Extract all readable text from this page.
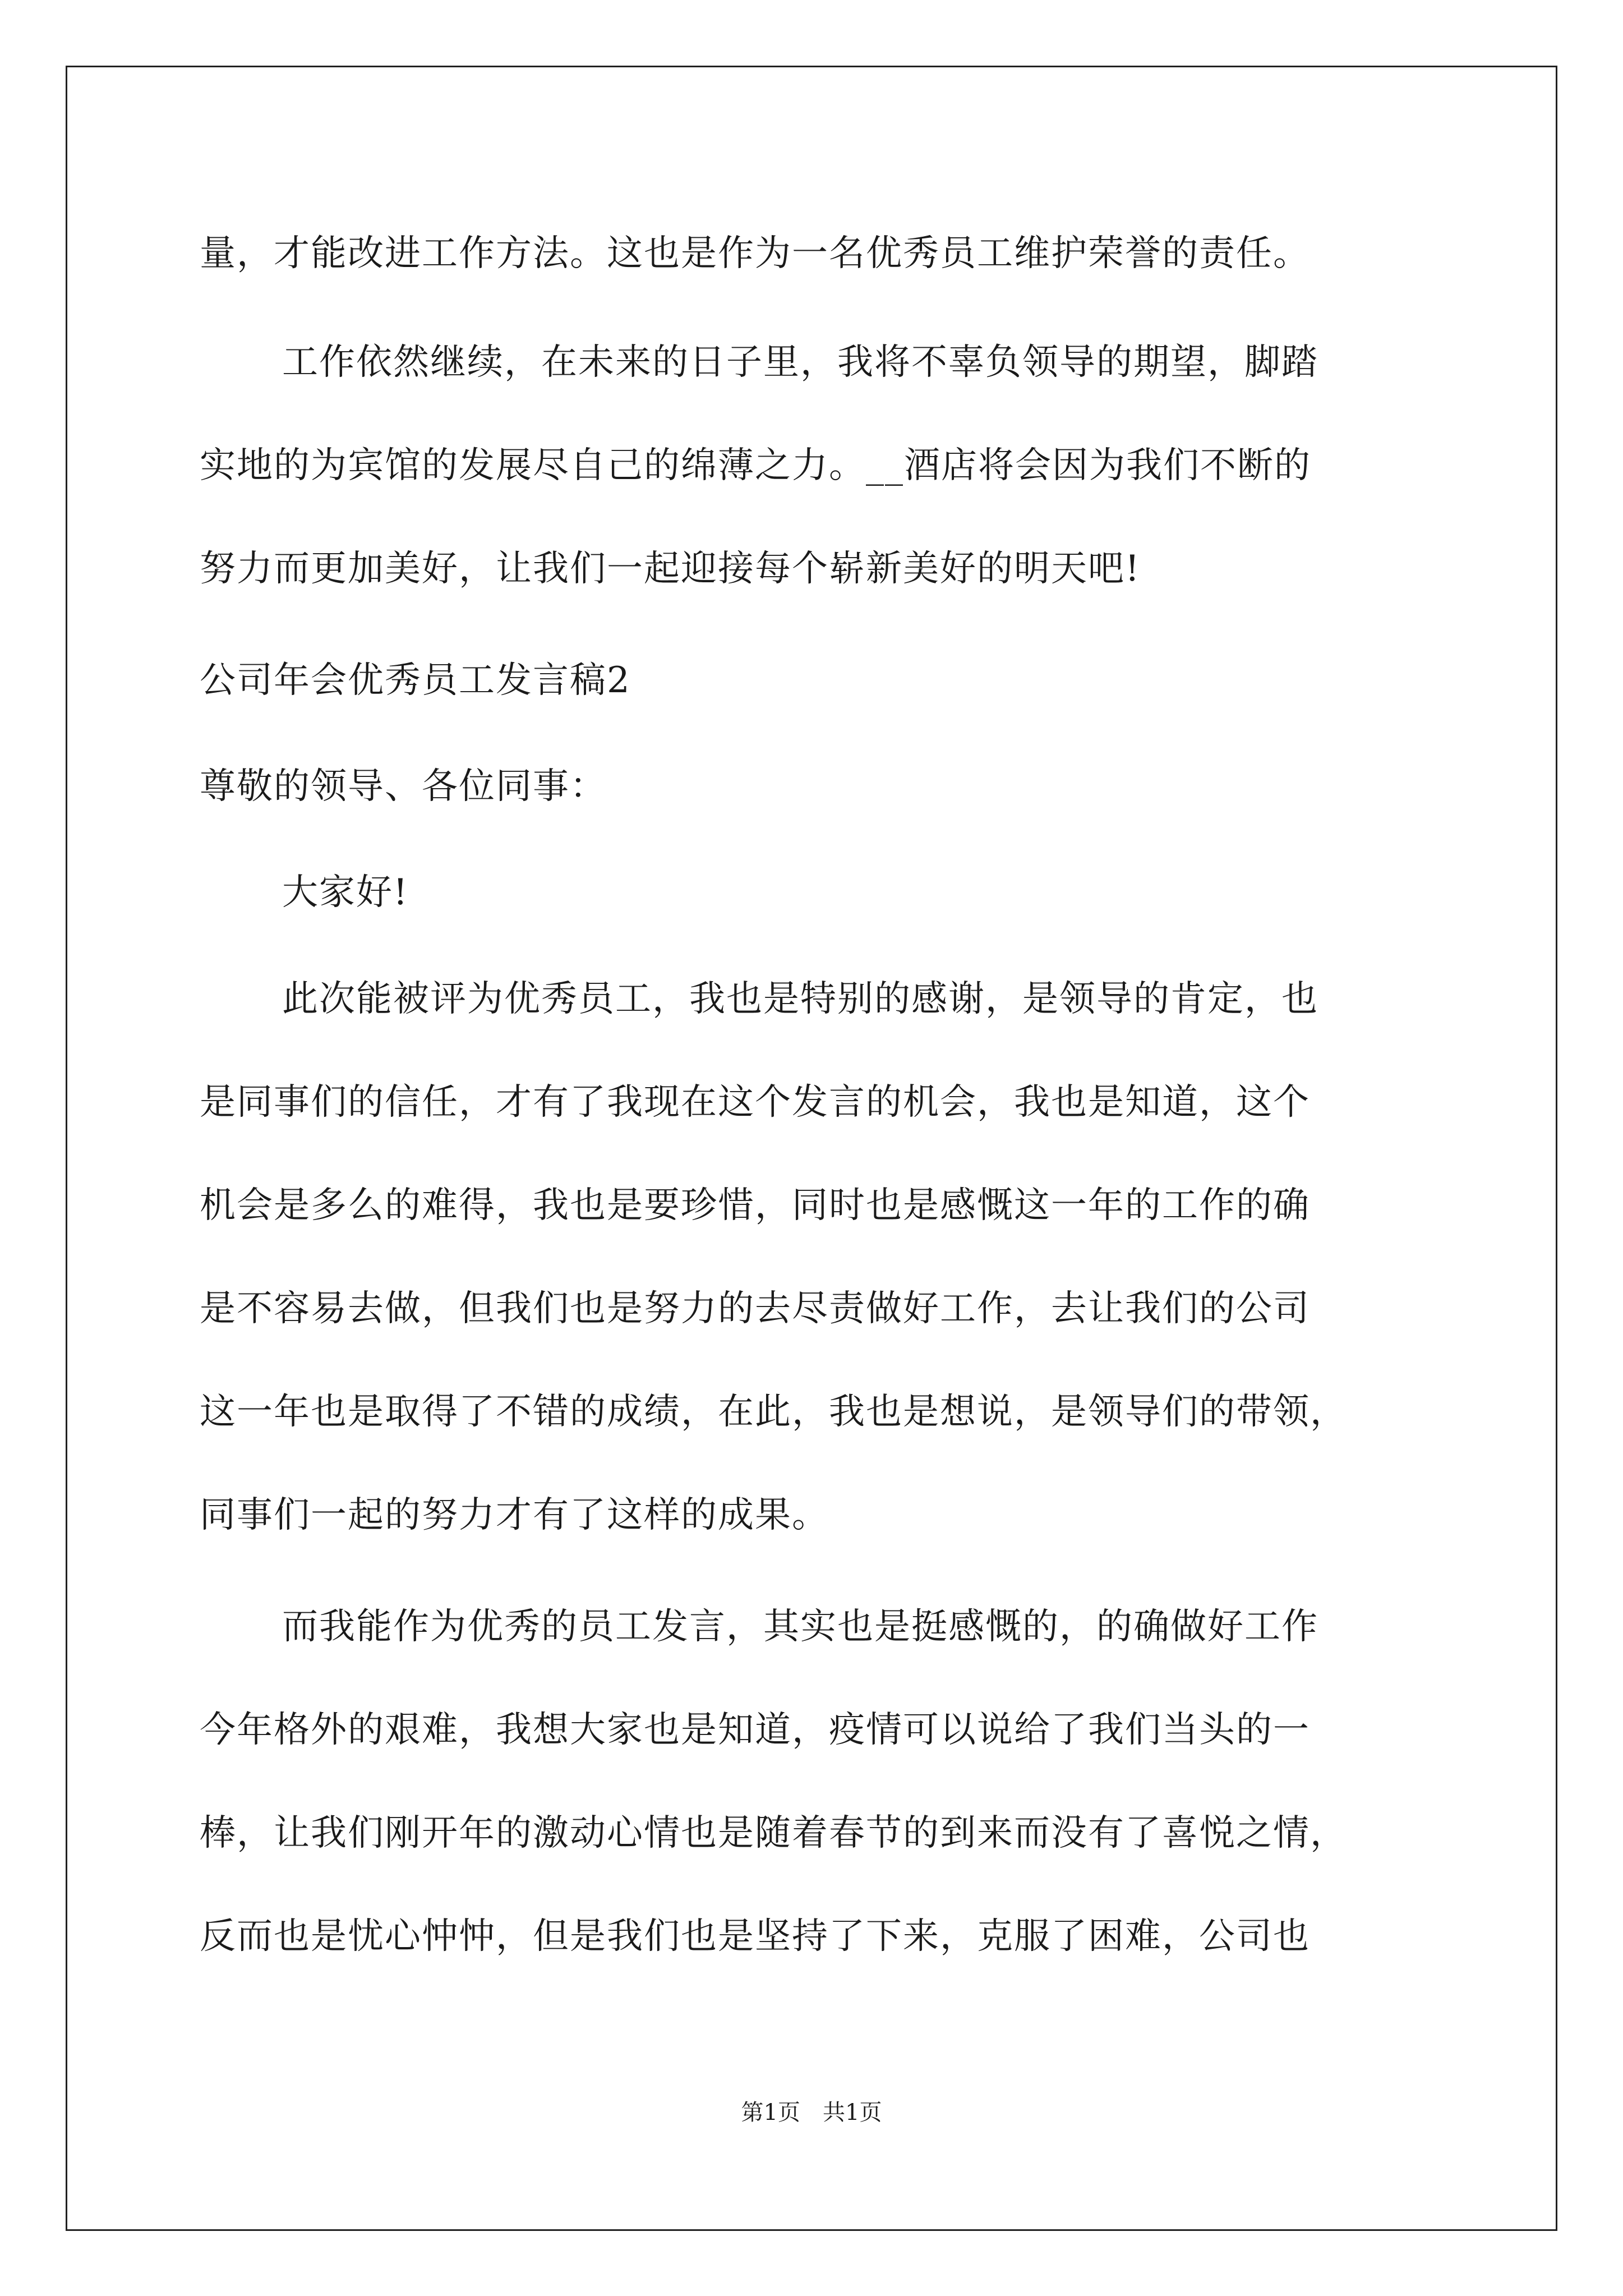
量，才能改进工作方法。这也是作为一名优秀员工维护荣誉的责任。
工作依然继续，在未来的日子里，我将不辜负领导的期望，脚踏
实地的为宾馆的发展尽自己的绵薄之力。__酒店将会因为我们不断的
努力而更加美好，让我们一起迎接每个崭新美好的明天吧!
公司年会优秀员工发言稿2
尊敬的领导、各位同事：
大家好!
此次能被评为优秀员工，我也是特别的感谢，是领导的肯定，也
是同事们的信任，才有了我现在这个发言的机会，我也是知道，这个
机会是多么的难得，我也是要珍惜，同时也是感慨这一年的工作的确
是不容易去做，但我们也是努力的去尽责做好工作，去让我们的公司
这一年也是取得了不错的成绩，在此，我也是想说，是领导们的带领，
同事们一起的努力才有了这样的成果。
而我能作为优秀的员工发言，其实也是挺感慨的，的确做好工作
今年格外的艰难，我想大家也是知道，疫情可以说给了我们当头的一
棒，让我们刚开年的激动心情也是随着春节的到来而没有了喜悦之情，
反而也是忧心忡忡，但是我们也是坚持了下来，克服了困难，公司也
第1页　共1页
